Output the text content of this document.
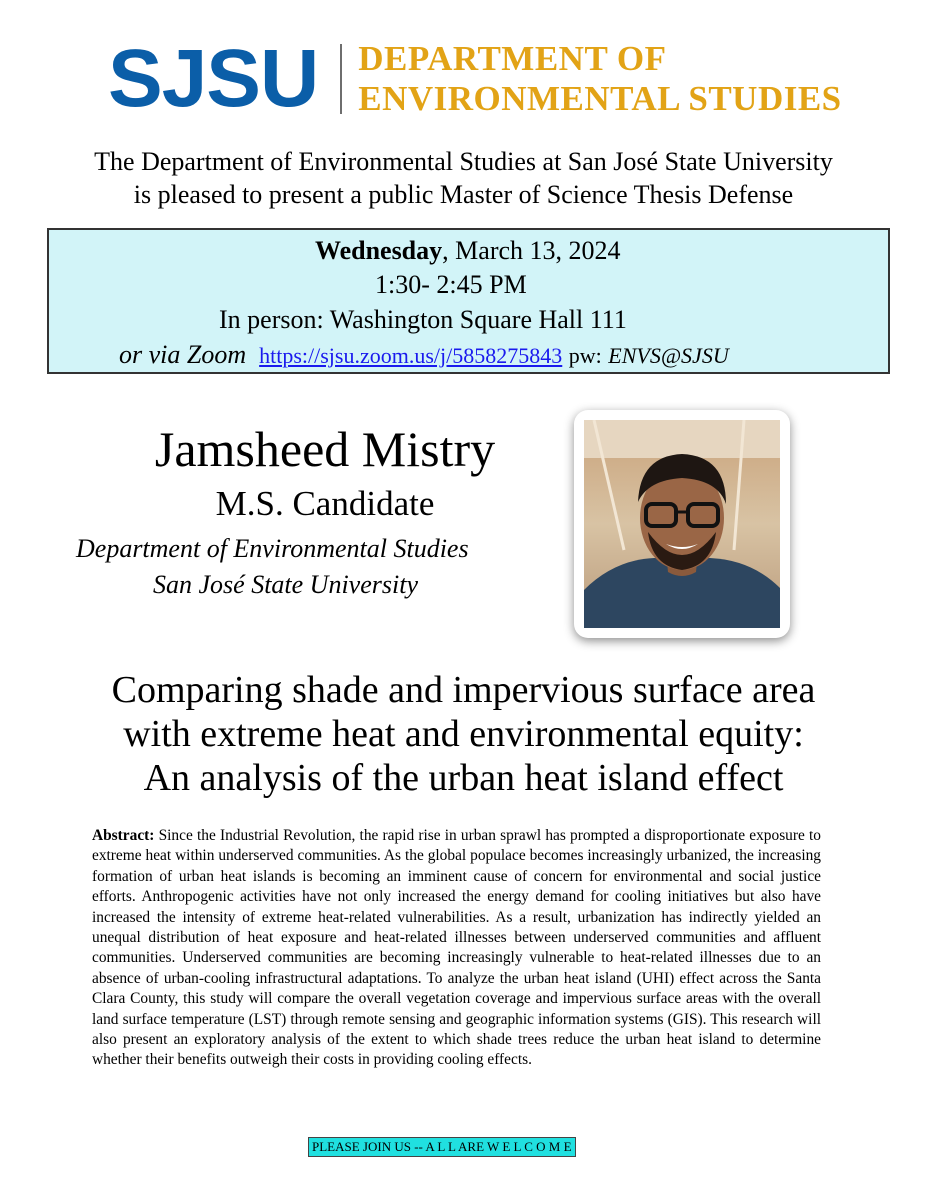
SJSU DEPARTMENT OF
ENVIRONMENTAL STUDIES
The Department of Environmental Studies at San José State University
is pleased to present a public Master of Science Thesis Defense
Wednesday, March 13, 2024
1:30- 2:45 PM
In person: Washington Square Hall 111
or via Zoom https://sjsu.zoom.us/j/5858275843 pw: ENVS@SJSU
Jamsheed Mistry
M.S. Candidate
Department of Environmental Studies
San José State University
Comparing shade and impervious surface area
with extreme heat and environmental equity:
An analysis of the urban heat island effect
Abstract: Since the Industrial Revolution, the rapid rise in urban sprawl has prompted a disproportionate exposure to extreme heat within underserved communities. As the global populace becomes increasingly urbanized, the increasing formation of urban heat islands is becoming an imminent cause of concern for environmental and social justice efforts. Anthropogenic activities have not only increased the energy demand for cooling initiatives but also have increased the intensity of extreme heat-related vulnerabilities. As a result, urbanization has indirectly yielded an unequal distribution of heat exposure and heat-related illnesses between underserved communities and affluent communities. Underserved communities are becoming increasingly vulnerable to heat-related illnesses due to an absence of urban-cooling infrastructural adaptations. To analyze the urban heat island (UHI) effect across the Santa Clara County, this study will compare the overall vegetation coverage and impervious surface areas with the overall land surface temperature (LST) through remote sensing and geographic information systems (GIS). This research will also present an exploratory analysis of the extent to which shade trees reduce the urban heat island to determine whether their benefits outweigh their costs in providing cooling effects.
PLEASE JOIN US -- A L L ARE W E L C O M E
